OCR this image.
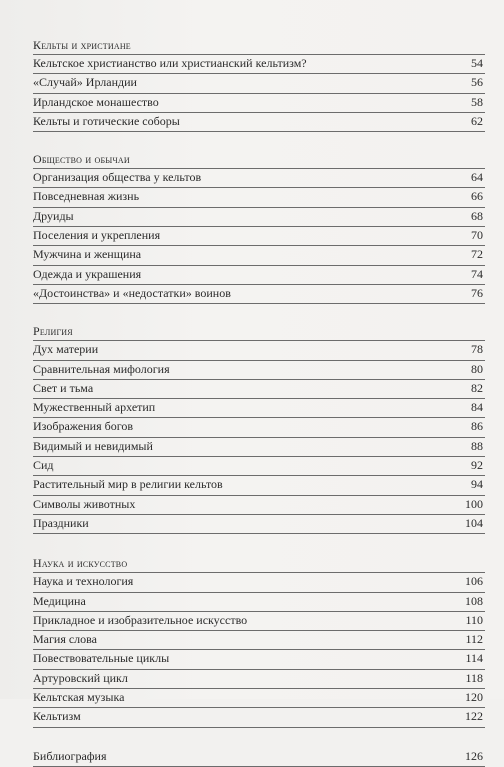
Кельты и христиане
Кельтское христианство или христианский кельтизм?	54
«Случай» Ирландии	56
Ирландское монашество	58
Кельты и готические соборы	62
Общество и обычаи
Организация общества у кельтов	64
Повседневная жизнь	66
Друиды	68
Поселения и укрепления	70
Мужчина и женщина	72
Одежда и украшения	74
«Достоинства» и «недостатки» воинов	76
Религия
Дух материи	78
Сравнительная мифология	80
Свет и тьма	82
Мужественный архетип	84
Изображения богов	86
Видимый и невидимый	88
Сид	92
Растительный мир в религии кельтов	94
Символы животных	100
Праздники	104
Наука и искусство
Наука и технология	106
Медицина	108
Прикладное и изобразительное искусство	110
Магия слова	112
Повествовательные циклы	114
Артуровский цикл	118
Кельтская музыка	120
Кельтизм	122
Библиография	126
